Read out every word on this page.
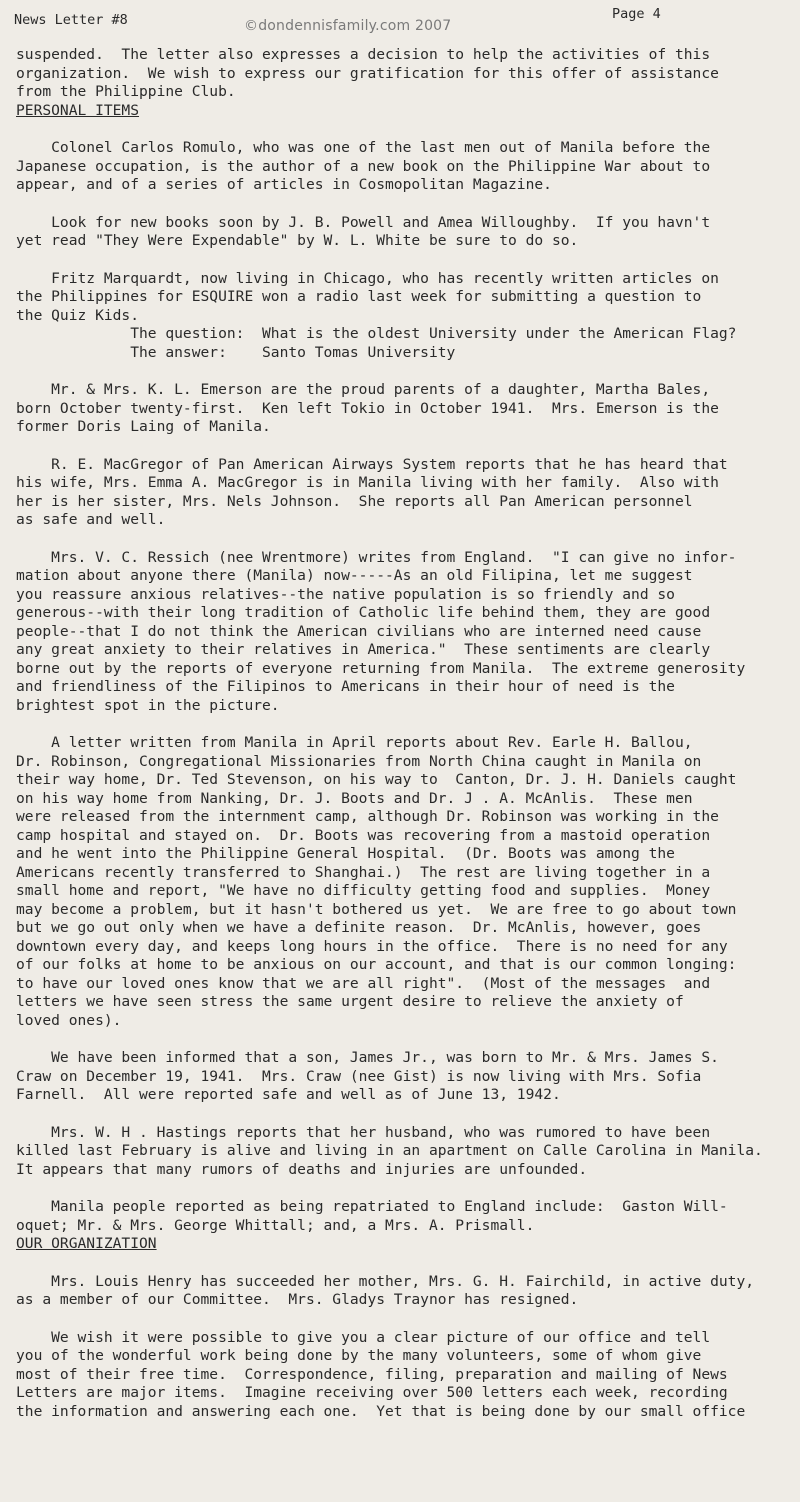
News Letter #8	©dondennisfamily.com 2007
Page 4

suspended.  The letter also expresses a decision to help the activities of this

organization.  We wish to express our gratification for this offer of assistance

from the Philippine Club.

PERSONAL ITEMS

Colonel Carlos Romulo, who was one of the last men out of Manila before the

Japanese occupation, is the author of a new book on the Philippine War about to

appear, and of a series of articles in Cosmopolitan Magazine.

Look for new books soon by J. B. Powell and Amea Willoughby.  If you havn't

yet read "They Were Expendable" by W. L. White be sure to do so.

Fritz Marquardt, now living in Chicago, who has recently written articles on

the Philippines for ESQUIRE won a radio last week for submitting a question to

the Quiz Kids.

The question:  What is the oldest University under the American Flag?

The answer:    Santo Tomas University

Mr. & Mrs. K. L. Emerson are the proud parents of a daughter, Martha Bales,

born October twenty-first.  Ken left Tokio in October 1941.  Mrs. Emerson is the

former Doris Laing of Manila.

R. E. MacGregor of Pan American Airways System reports that he has heard that

his wife, Mrs. Emma A. MacGregor is in Manila living with her family.  Also with

her is her sister, Mrs. Nels Johnson.  She reports all Pan American personnel

as safe and well.

Mrs. V. C. Ressich (nee Wrentmore) writes from England.  "I can give no infor-

mation about anyone there (Manila) now-----As an old Filipina, let me suggest

you reassure anxious relatives--the native population is so friendly and so

generous--with their long tradition of Catholic life behind them, they are good

people--that I do not think the American civilians who are interned need cause

any great anxiety to their relatives in America."  These sentiments are clearly

borne out by the reports of everyone returning from Manila.  The extreme generosity

and friendliness of the Filipinos to Americans in their hour of need is the

brightest spot in the picture.

A letter written from Manila in April reports about Rev. Earle H. Ballou,

Dr. Robinson, Congregational Missionaries from North China caught in Manila on

their way home, Dr. Ted Stevenson, on his way to  Canton, Dr. J. H. Daniels caught

on his way home from Nanking, Dr. J. Boots and Dr. J . A. McAnlis.  These men

were released from the internment camp, although Dr. Robinson was working in the

camp hospital and stayed on.  Dr. Boots was recovering from a mastoid operation

and he went into the Philippine General Hospital.  (Dr. Boots was among the

Americans recently transferred to Shanghai.)  The rest are living together in a

small home and report, "We have no difficulty getting food and supplies.  Money

may become a problem, but it hasn't bothered us yet.  We are free to go about town

but we go out only when we have a definite reason.  Dr. McAnlis, however, goes

downtown every day, and keeps long hours in the office.  There is no need for any

of our folks at home to be anxious on our account, and that is our common longing:

to have our loved ones know that we are all right".  (Most of the messages  and

letters we have seen stress the same urgent desire to relieve the anxiety of

loved ones).

We have been informed that a son, James Jr., was born to Mr. & Mrs. James S.

Craw on December 19, 1941.  Mrs. Craw (nee Gist) is now living with Mrs. Sofia

Farnell.  All were reported safe and well as of June 13, 1942.

Mrs. W. H . Hastings reports that her husband, who was rumored to have been

killed last February is alive and living in an apartment on Calle Carolina in Manila.

It appears that many rumors of deaths and injuries are unfounded.

Manila people reported as being repatriated to England include:  Gaston Will-

oquet; Mr. & Mrs. George Whittall; and, a Mrs. A. Prismall.

OUR ORGANIZATION

Mrs. Louis Henry has succeeded her mother, Mrs. G. H. Fairchild, in active duty,

as a member of our Committee.  Mrs. Gladys Traynor has resigned.

We wish it were possible to give you a clear picture of our office and tell

you of the wonderful work being done by the many volunteers, some of whom give

most of their free time.  Correspondence, filing, preparation and mailing of News

Letters are major items.  Imagine receiving over 500 letters each week, recording

the information and answering each one.  Yet that is being done by our small office
